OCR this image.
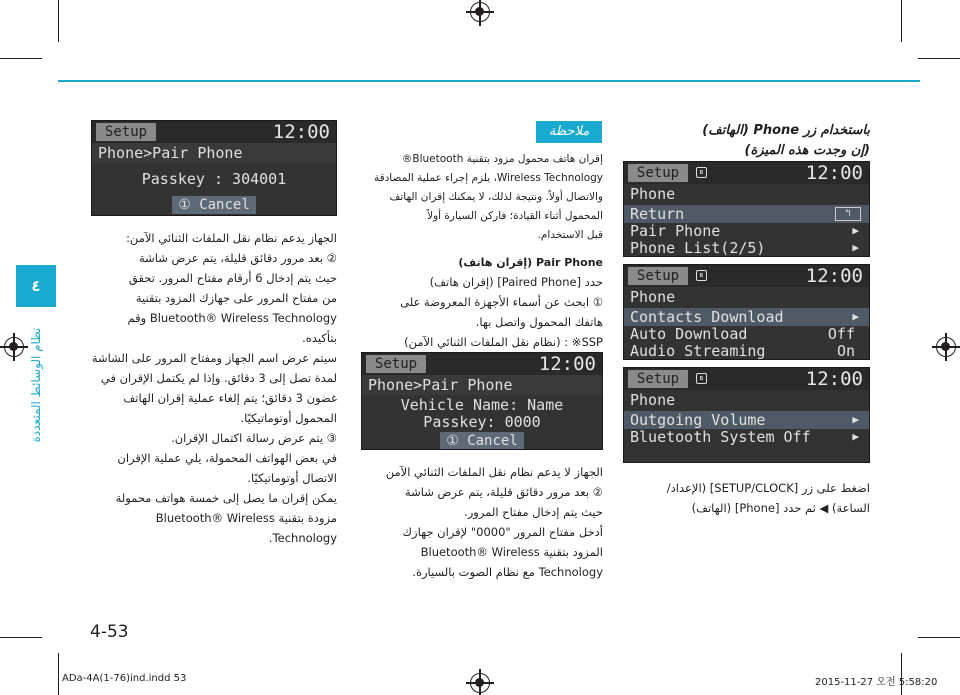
٤
نظام الوسائط المتعددة
Setup	12:00
Phone>Pair Phone
Passkey : 304001
① Cancel

الجهاز يدعم نظام نقل الملفات الثنائي الآمن:

② بعد مرور دقائق قليلة، يتم عرض شاشة

حيث يتم إدخال 6 أرقام مفتاح المرور. تحقق

من مفتاح المرور على جهازك المزود بتقنية

Bluetooth® Wireless Technology وقم

بتأكيده.

سيتم عرض اسم الجهاز ومفتاح المرور على الشاشة

لمدة تصل إلى 3 دقائق. وإذا لم يكتمل الإقران في

غضون 3 دقائق؛ يتم إلغاء عملية إقران الهاتف

المحمول أوتوماتيكيًا.

③ يتم عرض رسالة اكتمال الإقران.

في بعض الهواتف المحمولة، يلي عملية الإقران

الاتصال أوتوماتيكيًا.

يمكن إقران ما يصل إلى خمسة هواتف محمولة

مزودة بتقنية Bluetooth® Wireless

Technology.

ملاحظة

إقران هاتف محمول مزود بتقنية Bluetooth®

Wireless Technology، يلزم إجراء عملية المصادقة

والاتصال أولاً. ونتيجة لذلك، لا يمكنك إقران الهاتف

المحمول أثناء القيادة؛ فاركن السيارة أولاً

قبل الاستخدام.

Pair Phone (إقران هاتف)

حدد [Paired Phone] (إقران هاتف)

① ابحث عن أسماء الأجهزة المعروضة على

هاتفك المحمول واتصل بها.

SSP※ : (نظام نقل الملفات الثنائي الآمن)

Setup	12:00
Phone>Pair Phone
Vehicle Name: Name
Passkey: 0000
① Cancel

الجهاز لا يدعم نظام نقل الملفات الثنائي الآمن

② بعد مرور دقائق قليلة، يتم عرض شاشة

حيث يتم إدخال مفتاح المرور.

أدخل مفتاح المرور "0000" لإقران جهازك

المزود بتقنية Bluetooth® Wireless

Technology مع نظام الصوت بالسيارة.

باستخدام زر Phone (الهاتف)

(إن وجدت هذه الميزة)

Setup	ʙ	12:00
Phone
Return	↰
Pair Phone	▶
Phone List(2/5)	▶
Setup	ʙ	12:00
Phone
Contacts Download	▶
Auto Download	Off
Audio Streaming	On
Setup	ʙ	12:00
Phone
Outgoing Volume	▶
Bluetooth System Off	▶

اضغط على زر [SETUP/CLOCK] (الإعداد/

الساعة) ◀ ثم حدد [Phone] (الهاتف)

4-53
ADa-4A(1-76)ind.indd 53	2015-11-27 오전 5:58:20
